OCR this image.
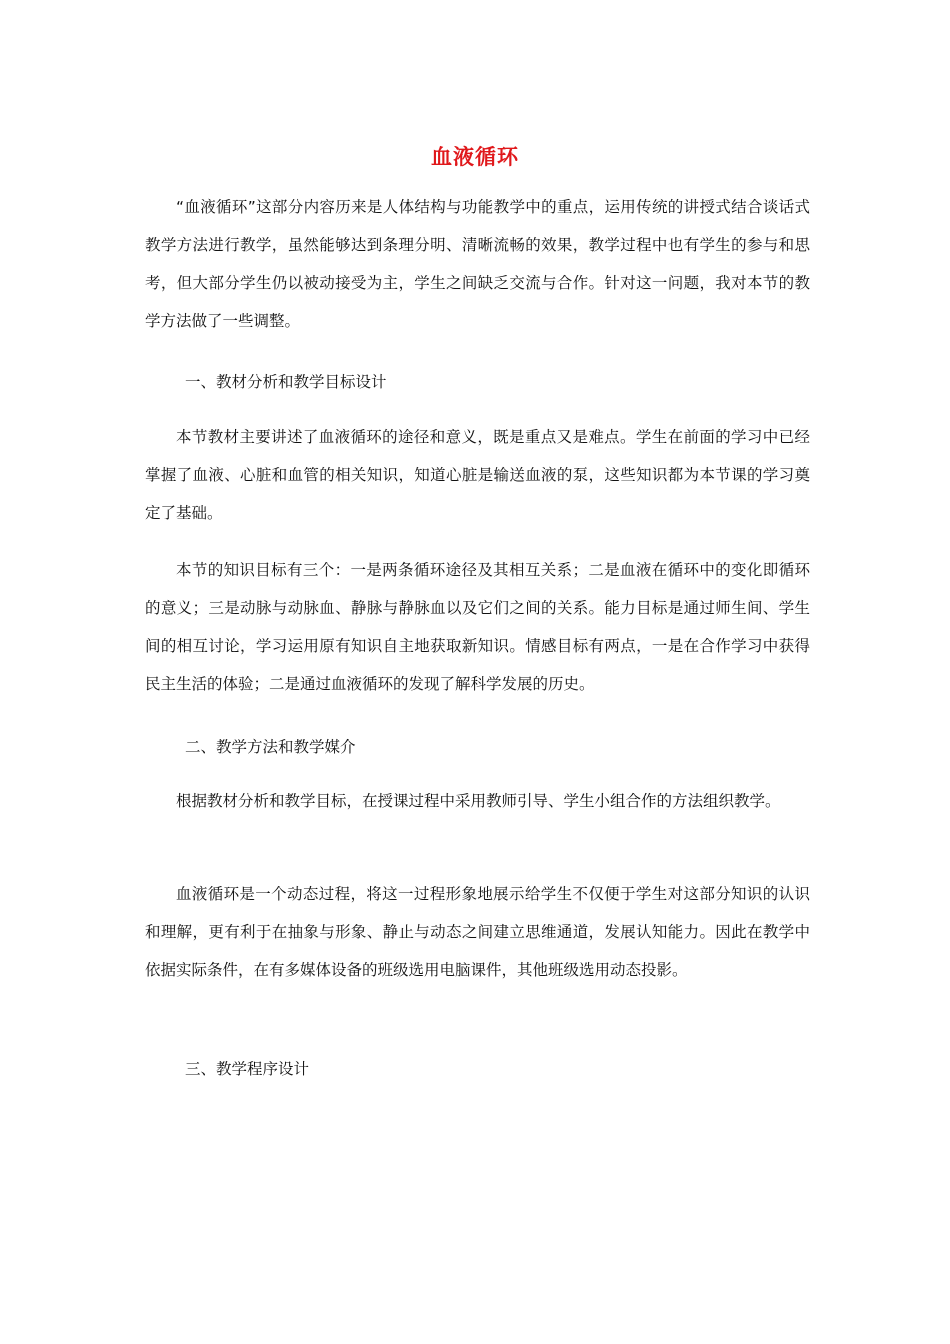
血液循环

“血液循环”这部分内容历来是人体结构与功能教学中的重点，运用传统的讲授式结合谈话式教学方法进行教学，虽然能够达到条理分明、清晰流畅的效果，教学过程中也有学生的参与和思考，但大部分学生仍以被动接受为主，学生之间缺乏交流与合作。针对这一问题，我对本节的教学方法做了一些调整。

一、教材分析和教学目标设计

本节教材主要讲述了血液循环的途径和意义，既是重点又是难点。学生在前面的学习中已经掌握了血液、心脏和血管的相关知识，知道心脏是输送血液的泵，这些知识都为本节课的学习奠定了基础。

本节的知识目标有三个：一是两条循环途径及其相互关系；二是血液在循环中的变化即循环的意义；三是动脉与动脉血、静脉与静脉血以及它们之间的关系。能力目标是通过师生间、学生间的相互讨论，学习运用原有知识自主地获取新知识。情感目标有两点，一是在合作学习中获得民主生活的体验；二是通过血液循环的发现了解科学发展的历史。

二、教学方法和教学媒介

根据教材分析和教学目标，在授课过程中采用教师引导、学生小组合作的方法组织教学。

血液循环是一个动态过程，将这一过程形象地展示给学生不仅便于学生对这部分知识的认识和理解，更有利于在抽象与形象、静止与动态之间建立思维通道，发展认知能力。因此在教学中依据实际条件，在有多媒体设备的班级选用电脑课件，其他班级选用动态投影。

三、教学程序设计
